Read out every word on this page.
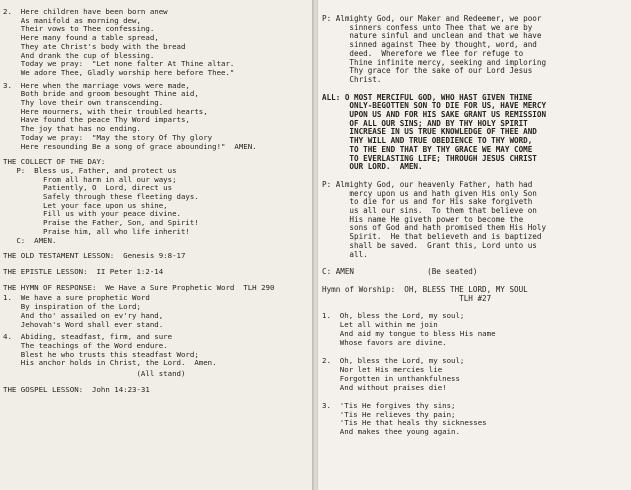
2.  Here children have been born anew
As manifold as morning dew,
Their vows to Thee confessing.
Here many found a table spread,
They ate Christ's body with the bread
And drank the cup of blessing.
Today we pray:  "Let none falter At Thine altar.
We adore Thee, Gladly worship here before Thee."
3.  Here when the marriage vows were made,
Both bride and groom besought Thine aid,
Thy love their own transcending.
Here mourners, with their troubled hearts,
Have found the peace Thy Word imparts,
The joy that has no ending.
Today we pray:  "May the story Of Thy glory
Here resounding Be a song of grace abounding!"  AMEN.
THE COLLECT OF THE DAY:
P:  Bless us, Father, and protect us
From all harm in all our ways;
Patiently, O  Lord, direct us
Safely through these fleeting days.
Let your face upon us shine,
Fill us with your peace divine.
Praise the Father, Son, and Spirit!
Praise him, all who life inherit!
C:  AMEN.
THE OLD TESTAMENT LESSON:  Genesis 9:8-17
THE EPISTLE LESSON:  II Peter 1:2-14
THE HYMN OF RESPONSE:  We Have a Sure Prophetic Word  TLH 290
1.  We have a sure prophetic Word
By inspiration of the Lord;
And tho' assailed on ev'ry hand,
Jehovah's Word shall ever stand.
4.  Abiding, steadfast, firm, and sure
The teachings of the Word endure.
Blest he who trusts this steadfast Word;
His anchor holds in Christ, the Lord.  Amen.
(All stand)
THE GOSPEL LESSON:  John 14:23-31
P: Almighty God, our Maker and Redeemer, we poor
sinners confess unto Thee that we are by
nature sinful and unclean and that we have
sinned against Thee by thought, word, and
deed.  Wherefore we flee for refuge to
Thine infinite mercy, seeking and imploring
Thy grace for the sake of our Lord Jesus
Christ.
ALL: O MOST MERCIFUL GOD, WHO HAST GIVEN THINE
ONLY-BEGOTTEN SON TO DIE FOR US, HAVE MERCY
UPON US AND FOR HIS SAKE GRANT US REMISSION
OF ALL OUR SINS; AND BY THY HOLY SPIRIT
INCREASE IN US TRUE KNOWLEDGE OF THEE AND
THY WILL AND TRUE OBEDIENCE TO THY WORD,
TO THE END THAT BY THY GRACE WE MAY COME
TO EVERLASTING LIFE; THROUGH JESUS CHRIST
OUR LORD.  AMEN.
P: Almighty God, our heavenly Father, hath had
mercy upon us and hath given His only Son
to die for us and for His sake forgiveth
us all our sins.  To them that believe on
His name He giveth power to become the
sons of God and hath promised them His Holy
Spirit.  He that believeth and is baptized
shall be saved.  Grant this, Lord unto us
all.
C: AMEN                (Be seated)
Hymn of Worship:  OH, BLESS THE LORD, MY SOUL
TLH #27
1.  Oh, bless the Lord, my soul;
Let all within me join
And aid my tongue to bless His name
Whose favors are divine.
2.  Oh, bless the Lord, my soul;
Nor let His mercies lie
Forgotten in unthankfulness
And without praises die!
3.  'Tis He forgives thy sins;
'Tis He relieves thy pain;
'Tis He that heals thy sicknesses
And makes thee young again.
